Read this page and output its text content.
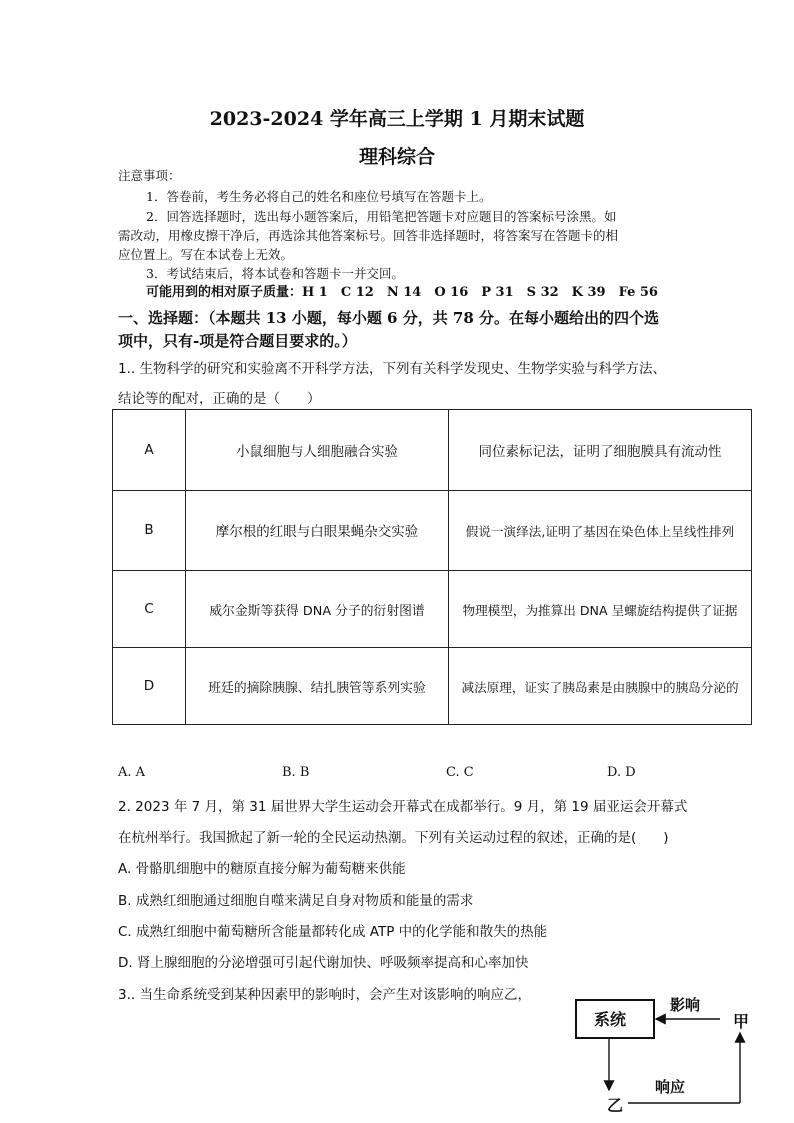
2023-2024 学年高三上学期 1 月期末试题
理科综合
注意事项：
1．答卷前，考生务必将自己的姓名和座位号填写在答题卡上。
2．回答选择题时，选出每小题答案后，用铅笔把答题卡对应题目的答案标号涂黑。如
需改动，用橡皮擦干净后，再选涂其他答案标号。回答非选择题时，将答案写在答题卡的相
应位置上。写在本试卷上无效。
3．考试结束后，将本试卷和答题卡一并交回。
可能用到的相对原子质量：H 1　C 12　N 14　O 16　P 31　S 32　K 39　Fe 56
一、选择题：（本题共 13 小题，每小题 6 分，共 78 分。在每小题给出的四个选
项中，只有-项是符合题目要求的。）
1.. 生物科学的研究和实验离不开科学方法，下列有关科学发现史、生物学实验与科学方法、
结论等的配对，正确的是（　　）
A	小鼠细胞与人细胞融合实验	同位素标记法，证明了细胞膜具有流动性
B	摩尔根的红眼与白眼果蝇杂交实验	假说一演绎法,证明了基因在染色体上呈线性排列
C	威尔金斯等获得 DNA 分子的衍射图谱	物理模型，为推算出 DNA 呈螺旋结构提供了证据
D	班廷的摘除胰腺、结扎胰管等系列实验	减法原理，证实了胰岛素是由胰腺中的胰岛分泌的
A. A	B. B	C. C	D. D
2. 2023 年 7 月，第 31 届世界大学生运动会开幕式在成都举行。9 月，第 19 届亚运会开幕式
在杭州举行。我国掀起了新一轮的全民运动热潮。下列有关运动过程的叙述，正确的是(　　)
A. 骨骼肌细胞中的糖原直接分解为葡萄糖来供能
B. 成熟红细胞通过细胞自噬来满足自身对物质和能量的需求
C. 成熟红细胞中葡萄糖所含能量都转化成 ATP 中的化学能和散失的热能
D. 肾上腺细胞的分泌增强可引起代谢加快、呼吸频率提高和心率加快
3.. 当生命系统受到某种因素甲的影响时，会产生对该影响的响应乙，
系统
影响
甲
响应
乙
